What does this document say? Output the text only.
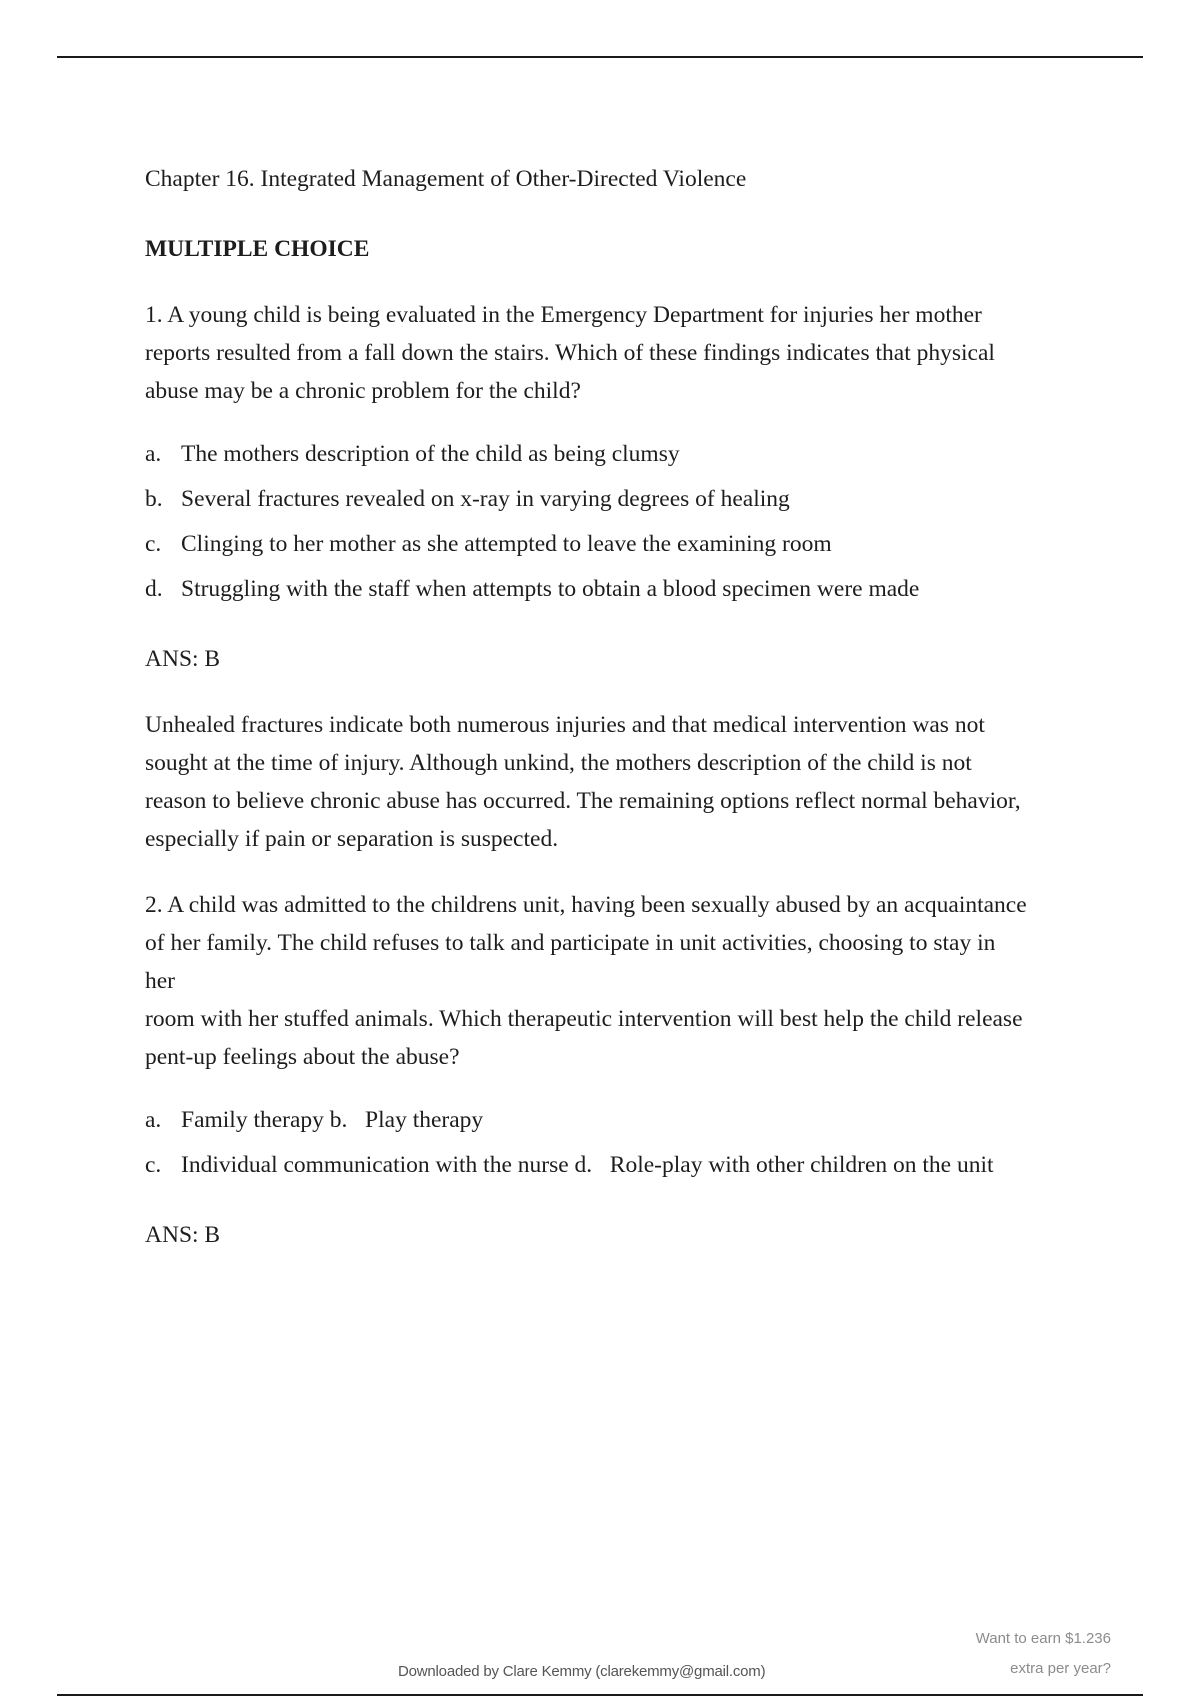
Chapter 16. Integrated Management of Other-Directed Violence
MULTIPLE CHOICE
1. A young child is being evaluated in the Emergency Department for injuries her mother
reports resulted from a fall down the stairs. Which of these findings indicates that physical
abuse may be a chronic problem for the child?
a. The mothers description of the child as being clumsy
b. Several fractures revealed on x-ray in varying degrees of healing
c. Clinging to her mother as she attempted to leave the examining room
d. Struggling with the staff when attempts to obtain a blood specimen were made
ANS: B
Unhealed fractures indicate both numerous injuries and that medical intervention was not
sought at the time of injury. Although unkind, the mothers description of the child is not
reason to believe chronic abuse has occurred. The remaining options reflect normal behavior,
especially if pain or separation is suspected.
2. A child was admitted to the childrens unit, having been sexually abused by an acquaintance
of her family. The child refuses to talk and participate in unit activities, choosing to stay in
her
room with her stuffed animals. Which therapeutic intervention will best help the child release
pent-up feelings about the abuse?
a. Family therapy b.   Play therapy
c. Individual communication with the nurse d.   Role-play with other children on the unit
ANS: B
Want to earn $1.236
extra per year?
Downloaded by Clare Kemmy (clarekemmy@gmail.com)
